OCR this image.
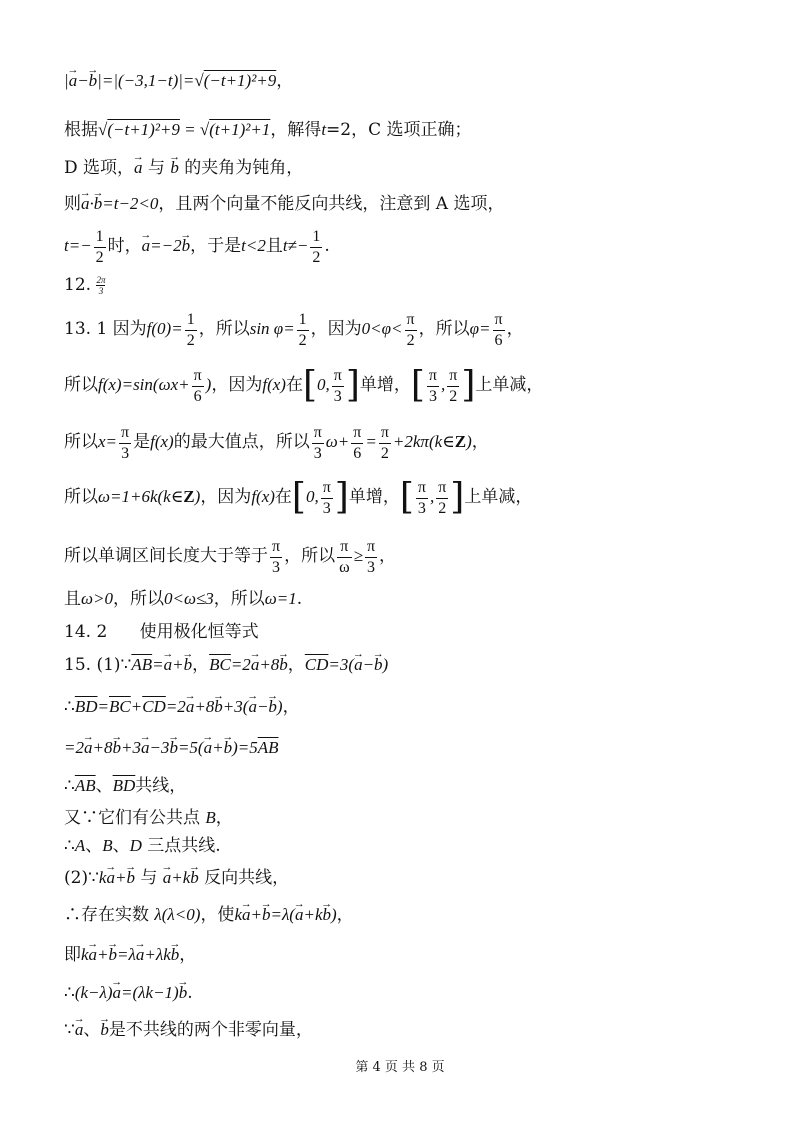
|→ a−→ b|=|(−3,1−t)|=√(−t+1)²+9，
根据√(−t+1)²+9 = √(t+1)²+1，解得t=2，C 选项正确；
D 选项，→ a 与 → b 的夹角为钝角，
则→ a·→ b=t−2<0，且两个向量不能反向共线，注意到 A 选项，
$t=- \frac{1}{2}$ 时，→ a=−2→ b，于是t<2且$t\ne- \frac{1}{2}$ .
12. $\frac{2\pi}{3}$
13. 1 因为$f(0)= \frac{1}{2}$ ，所以$\sin \varphi= \frac{1}{2}$ ，因为$0<\varphi< \frac{\pi}{2}$ ，所以$\varphi= \frac{\pi}{6}$ ，
所以$f(x)=\sin(\omega x+ \frac{\pi}{6}$ )，因为f(x)在[0, $\frac{\pi}{3}$ ]单增，[ $\frac{\pi}{3}$ , $\frac{\pi}{2}$ ]上单减，
所以$x= \frac{\pi}{3}$ 是f(x)的最大值点，所以 $\frac{\pi}{3} \omega+ \frac{\pi}{6} = \frac{\pi}{2}$ +2kπ(k∈Z)，
所以ω=1+6k(k∈Z)，因为f(x)在[0, $\frac{\pi}{3}$ ]单增，[ $\frac{\pi}{3}$ , $\frac{\pi}{2}$ ]上单减，
所以单调区间长度大于等于 $\frac{\pi}{3}$ ，所以 $\frac{\pi}{\omega} \ge \frac{\pi}{3}$ ，
且ω>0，所以0<ω≤3，所以ω=1.
14. 2      使用极化恒等式
15. $(1)\because\overline{AB}=\to a+\to b$，$\overline{BC}=2\to a+8\to b$，$\overline{CD}=3(\to a-\to b)$
$\therefore\overline{BD}=\overline{BC}+\overline{CD}=2\to a+8\to b+3(\to a-\to b)$，
$=2\to a+8\to b+3\to a-3\to b=5(\to a+\to b)=5\overline{AB}$
$\therefore\overline{AB}$、$\overline{BD}$共线，
又∵它们有公共点 B，
∴A、B、D 三点共线.
(2)∵k→ a+→ b 与 → a+k→ b 反向共线，
∴存在实数 λ(λ<0)，使k→ a+→ b=λ(→ a+k→ b)，
即k→ a+→ b=λ→ a+λk→ b，
∴(k−λ)→ a=(λk−1)→ b.
∵→ a、→ b是不共线的两个非零向量，
第 4 页 共 8 页
